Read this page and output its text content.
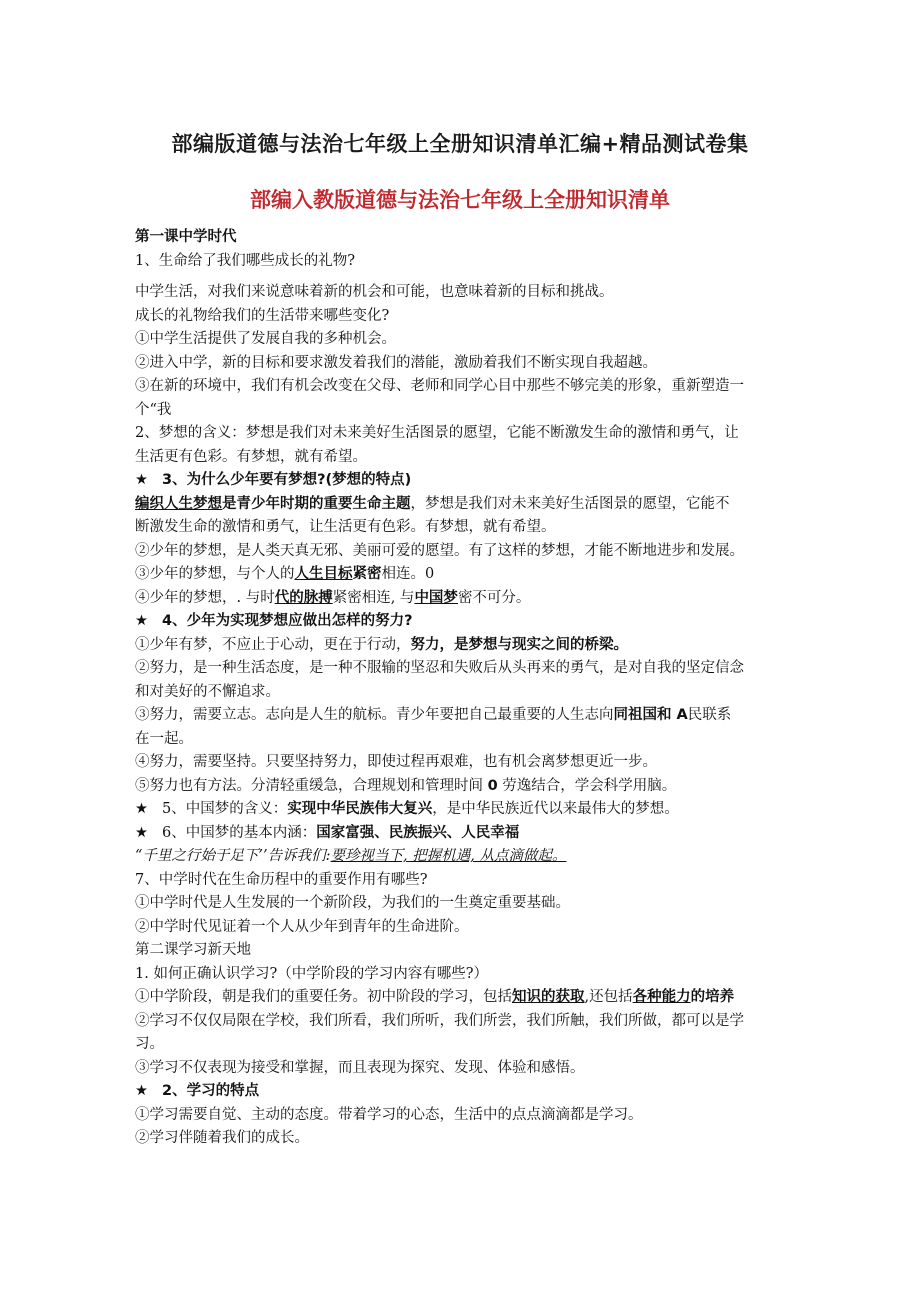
部编版道德与法治七年级上全册知识清单汇编+精品测试卷集
部编入教版道德与法治七年级上全册知识清单
第一课中学时代
1、生命给了我们哪些成长的礼物?
中学生活，对我们来说意味着新的机会和可能，也意味着新的目标和挑战。
成长的礼物给我们的生活带来哪些变化?
①中学生活提供了发展自我的多种机会。
②进入中学，新的目标和要求激发着我们的潜能，激励着我们不断实现自我超越。
③在新的环境中，我们有机会改变在父母、老师和同学心目中那些不够完美的形象，重新塑造一
个“我
2、梦想的含义：梦想是我们对未来美好生活图景的愿望，它能不断激发生命的激情和勇气，让
生活更有色彩。有梦想，就有希望。
★ 3、为什么少年要有梦想?(梦想的特点)
编织人生梦想是青少年时期的重要生命主题，梦想是我们对未来美好生活图景的愿望，它能不
断激发生命的激情和勇气，让生活更有色彩。有梦想，就有希望。
②少年的梦想，是人类天真无邪、美丽可爱的愿望。有了这样的梦想，才能不断地进步和发展。
③少年的梦想，与个人的人生目标紧密相连。0
④少年的梦想，. 与时代的脉搏紧密相连, 与中国梦密不可分。
★ 4、少年为实现梦想应做出怎样的努力?
①少年有梦，不应止于心动，更在于行动，努力，是梦想与现实之间的桥梁。
②努力，是一种生活态度，是一种不服输的坚忍和失败后从头再来的勇气，是对自我的坚定信念
和对美好的不懈追求。
③努力，需要立志。志向是人生的航标。青少年要把自己最重要的人生志向同祖国和 A民联系
在一起。
④努力，需要坚持。只要坚持努力，即使过程再艰难，也有机会离梦想更近一步。
⑤努力也有方法。分清轻重缓急，合理规划和管理时间 0 劳逸结合，学会科学用脑。
★ 5、中国梦的含义：实现中华民族伟大复兴，是中华民族近代以来最伟大的梦想。
★ 6、中国梦的基本内涵：国家富强、民族振兴、人民幸福
“千里之行始于足下’’告诉我们:要珍视当下, 把握机遇, 从点滴做起。
7、中学时代在生命历程中的重要作用有哪些?
①中学时代是人生发展的一个新阶段，为我们的一生奠定重要基础。
②中学时代见证着一个人从少年到青年的生命进阶。
第二课学习新天地
1. 如何正确认识学习?（中学阶段的学习内容有哪些?）
①中学阶段，朝是我们的重要任务。初中阶段的学习，包括知识的获取,还包括各种能力的培养
②学习不仅仅局限在学校，我们所看，我们所听，我们所尝，我们所触，我们所做，都可以是学
习。
③学习不仅表现为接受和掌握，而且表现为探究、发现、体验和感悟。
★ 2、学习的特点
①学习需要自觉、主动的态度。带着学习的心态，生活中的点点滴滴都是学习。
②学习伴随着我们的成长。
